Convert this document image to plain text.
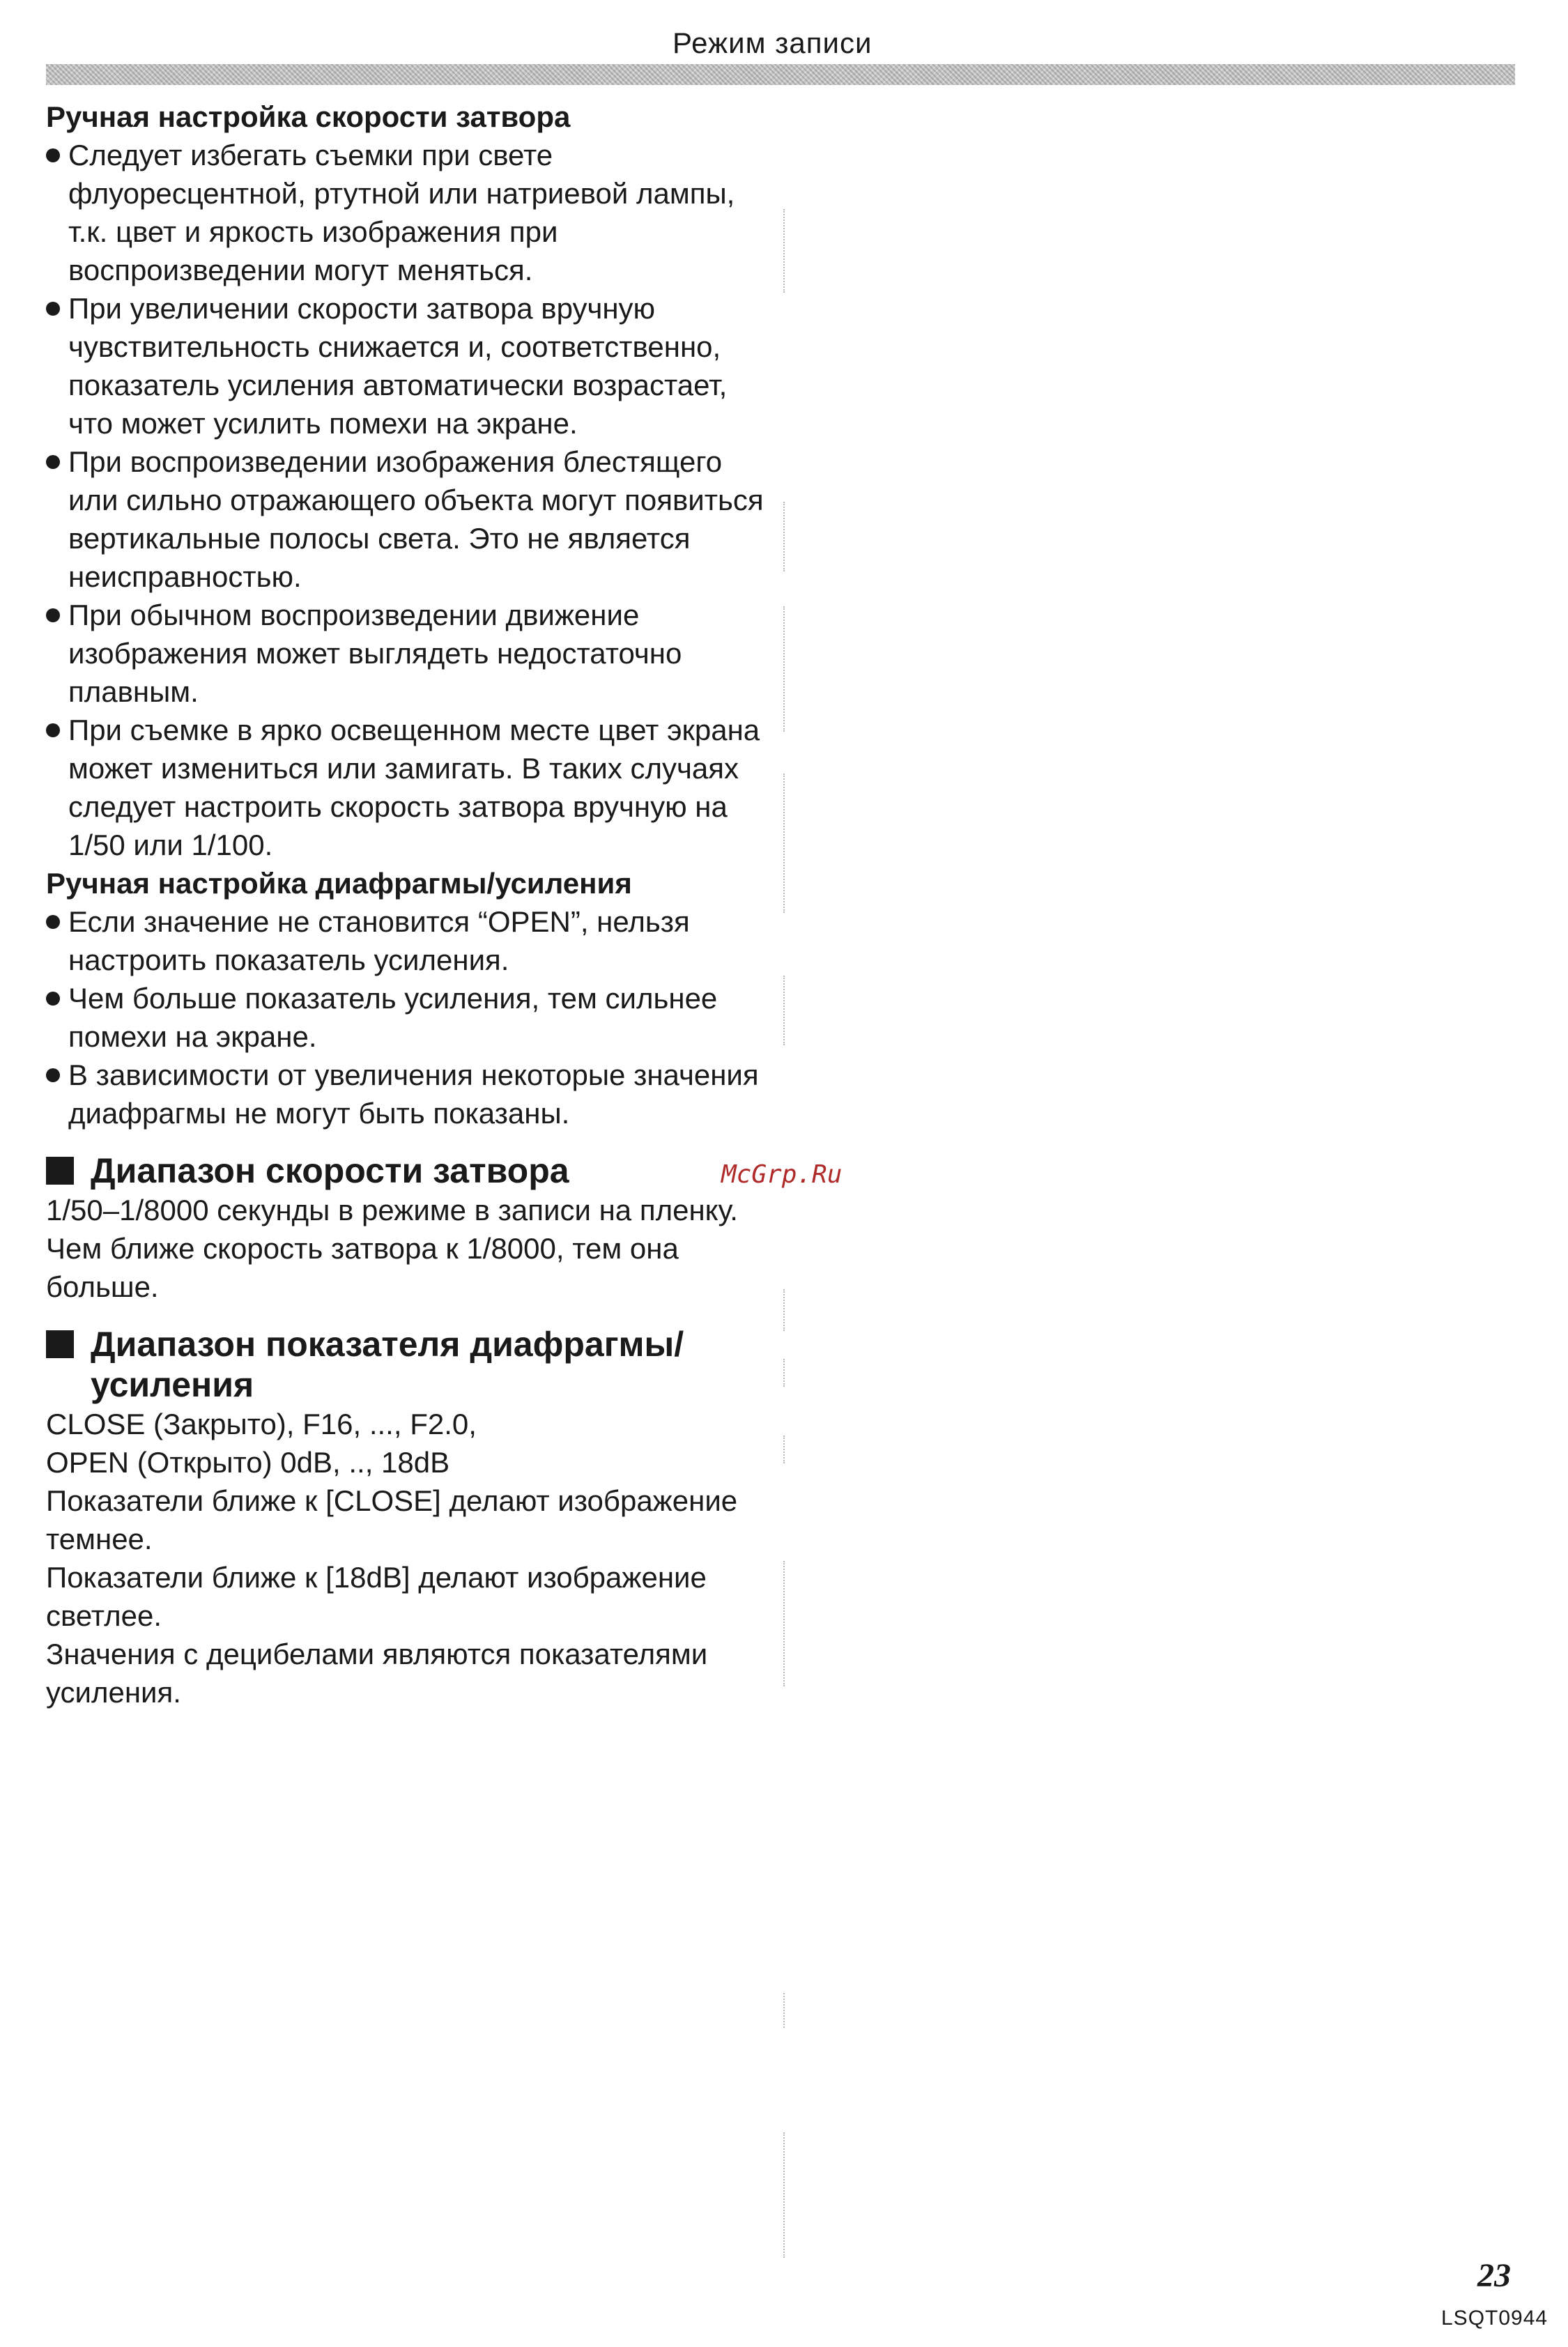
Режим записи
Ручная настройка скорости затвора
Следует избегать съемки при свете флуоресцентной, ртутной или натриевой лампы, т.к. цвет и яркость изображения при воспроизведении могут меняться.
При увеличении скорости затвора вручную чувствительность снижается и, соответственно, показатель усиления автоматически возрастает, что может усилить помехи на экране.
При воспроизведении изображения блестящего или сильно отражающего объекта могут появиться вертикальные полосы света. Это не является неисправностью.
При обычном воспроизведении движение изображения может выглядеть недостаточно плавным.
При съемке в ярко освещенном месте цвет экрана может измениться или замигать. В таких случаях следует настроить скорость затвора вручную на 1/50 или 1/100.
Ручная настройка диафрагмы/усиления
Если значение не становится “OPEN”, нельзя настроить показатель усиления.
Чем больше показатель усиления, тем сильнее помехи на экране.
В зависимости от увеличения некоторые значения диафрагмы не могут быть показаны.
Диапазон скорости затвора

1/50–1/8000 секунды в режиме в записи на пленку.

Чем ближе скорость затвора к 1/8000, тем она больше.

Диапазон показателя диафрагмы/ усиления

CLOSE (Закрыто), F16, ..., F2.0,

OPEN (Открыто) 0dB, .., 18dB

Показатели ближе к [CLOSE] делают изображение темнее.

Показатели ближе к [18dB] делают изображение светлее.

Значения с децибелами являются показателями усиления.

McGrp.Ru
23
LSQT0944
